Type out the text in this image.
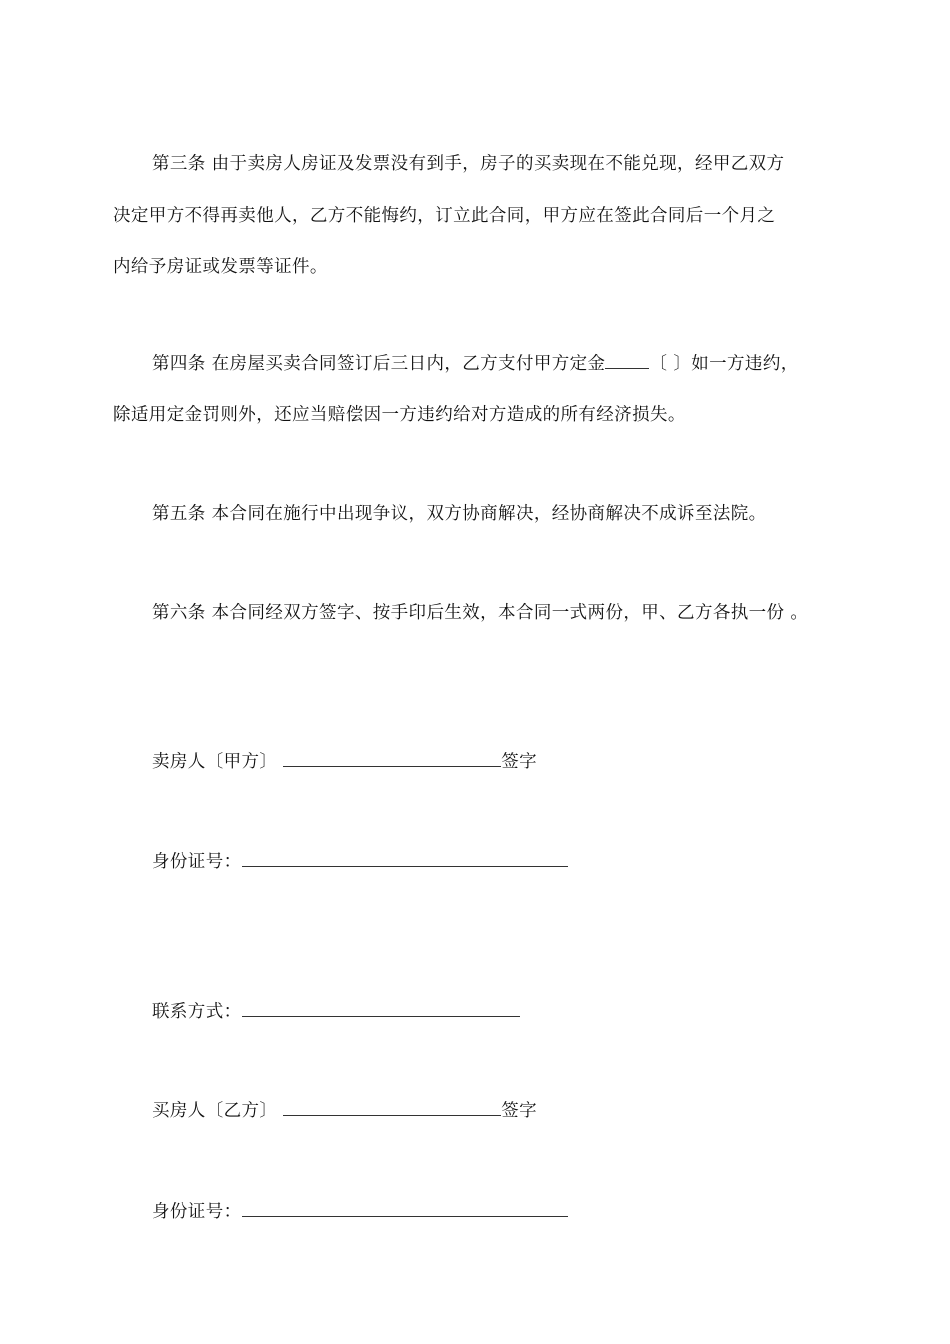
第三条 由于卖房人房证及发票没有到手，房子的买卖现在不能兑现，经甲乙双方
决定甲方不得再卖他人，乙方不能悔约，订立此合同，甲方应在签此合同后一个月之
内给予房证或发票等证件。
第四条 在房屋买卖合同签订后三日内，乙方支付甲方定金	〔 〕如一方违约，
除适用定金罚则外，还应当赔偿因一方违约给对方造成的所有经济损失。
第五条 本合同在施行中出现争议，双方协商解决，经协商解决不成诉至法院。
第六条 本合同经双方签字、按手印后生效，本合同一式两份，甲、乙方各执一份 。
卖房人〔甲方〕	签字
身份证号：
联系方式：
买房人〔乙方〕	签字
身份证号：
